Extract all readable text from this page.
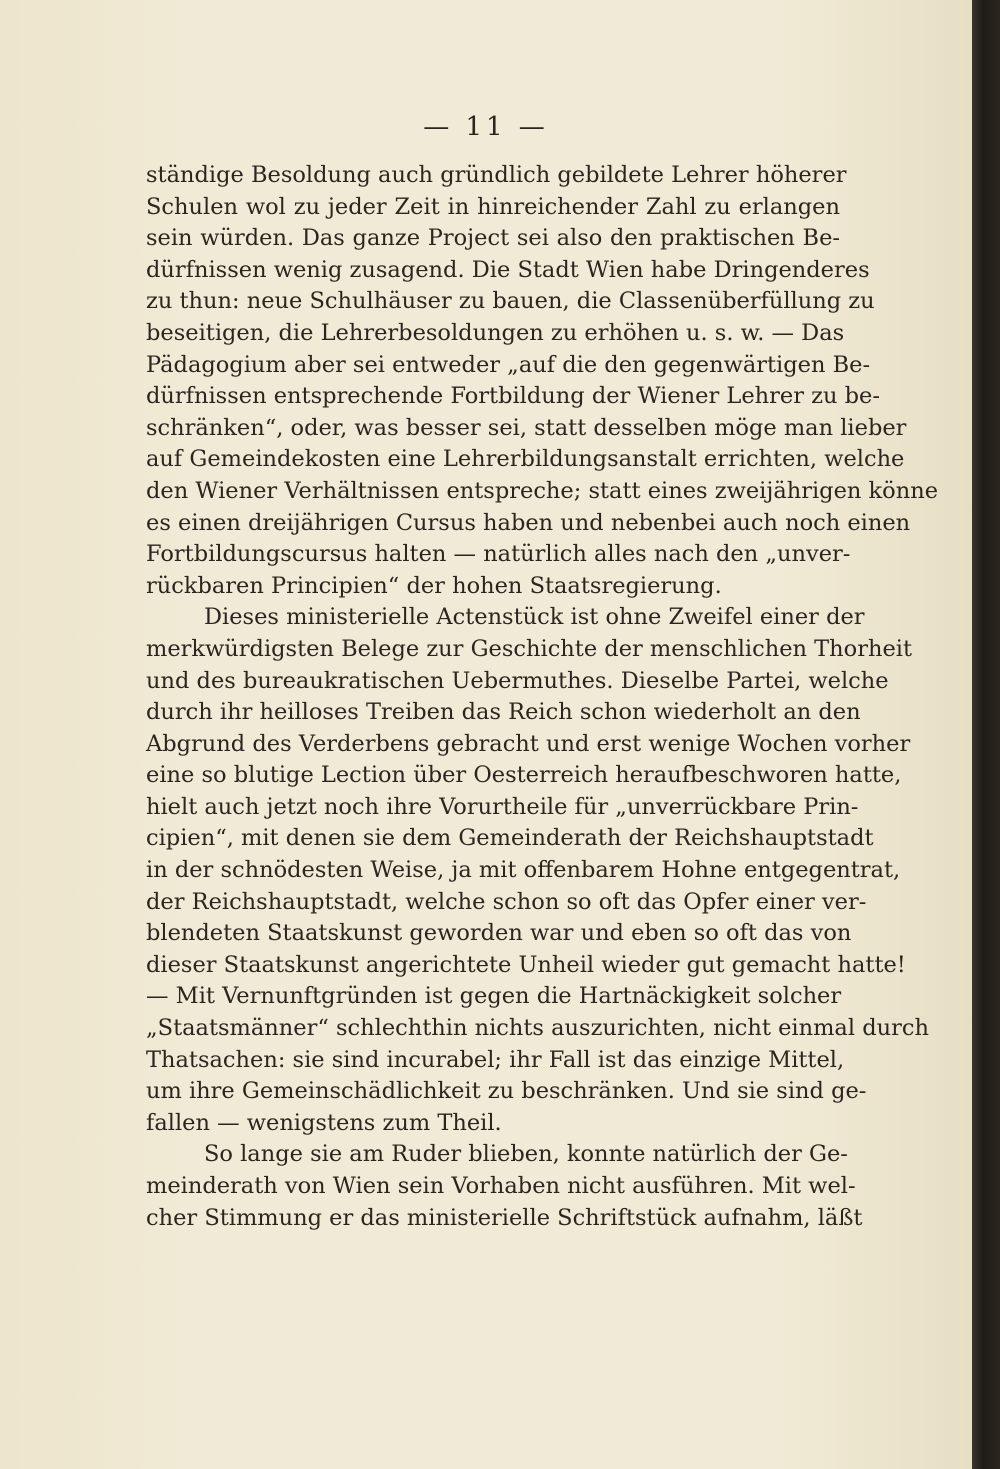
— 11 —
ständige Besoldung auch gründlich gebildete Lehrer höherer
Schulen wol zu jeder Zeit in hinreichender Zahl zu erlangen
sein würden. Das ganze Project sei also den praktischen Be-
dürfnissen wenig zusagend. Die Stadt Wien habe Dringenderes
zu thun: neue Schulhäuser zu bauen, die Classenüberfüllung zu
beseitigen, die Lehrerbesoldungen zu erhöhen u. s. w. — Das
Pädagogium aber sei entweder „auf die den gegenwärtigen Be-
dürfnissen entsprechende Fortbildung der Wiener Lehrer zu be-
schränken“, oder, was besser sei, statt desselben möge man lieber
auf Gemeindekosten eine Lehrerbildungsanstalt errichten, welche
den Wiener Verhältnissen entspreche; statt eines zweijährigen könne
es einen dreijährigen Cursus haben und nebenbei auch noch einen
Fortbildungscursus halten — natürlich alles nach den „unver-
rückbaren Principien“ der hohen Staatsregierung.
Dieses ministerielle Actenstück ist ohne Zweifel einer der
merkwürdigsten Belege zur Geschichte der menschlichen Thorheit
und des bureaukratischen Uebermuthes. Dieselbe Partei, welche
durch ihr heilloses Treiben das Reich schon wiederholt an den
Abgrund des Verderbens gebracht und erst wenige Wochen vorher
eine so blutige Lection über Oesterreich heraufbeschworen hatte,
hielt auch jetzt noch ihre Vorurtheile für „unverrückbare Prin-
cipien“, mit denen sie dem Gemeinderath der Reichshauptstadt
in der schnödesten Weise, ja mit offenbarem Hohne entgegentrat,
der Reichshauptstadt, welche schon so oft das Opfer einer ver-
blendeten Staatskunst geworden war und eben so oft das von
dieser Staatskunst angerichtete Unheil wieder gut gemacht hatte!
— Mit Vernunftgründen ist gegen die Hartnäckigkeit solcher
„Staatsmänner“ schlechthin nichts auszurichten, nicht einmal durch
Thatsachen: sie sind incurabel; ihr Fall ist das einzige Mittel,
um ihre Gemeinschädlichkeit zu beschränken. Und sie sind ge-
fallen — wenigstens zum Theil.
So lange sie am Ruder blieben, konnte natürlich der Ge-
meinderath von Wien sein Vorhaben nicht ausführen. Mit wel-
cher Stimmung er das ministerielle Schriftstück aufnahm, läßt
